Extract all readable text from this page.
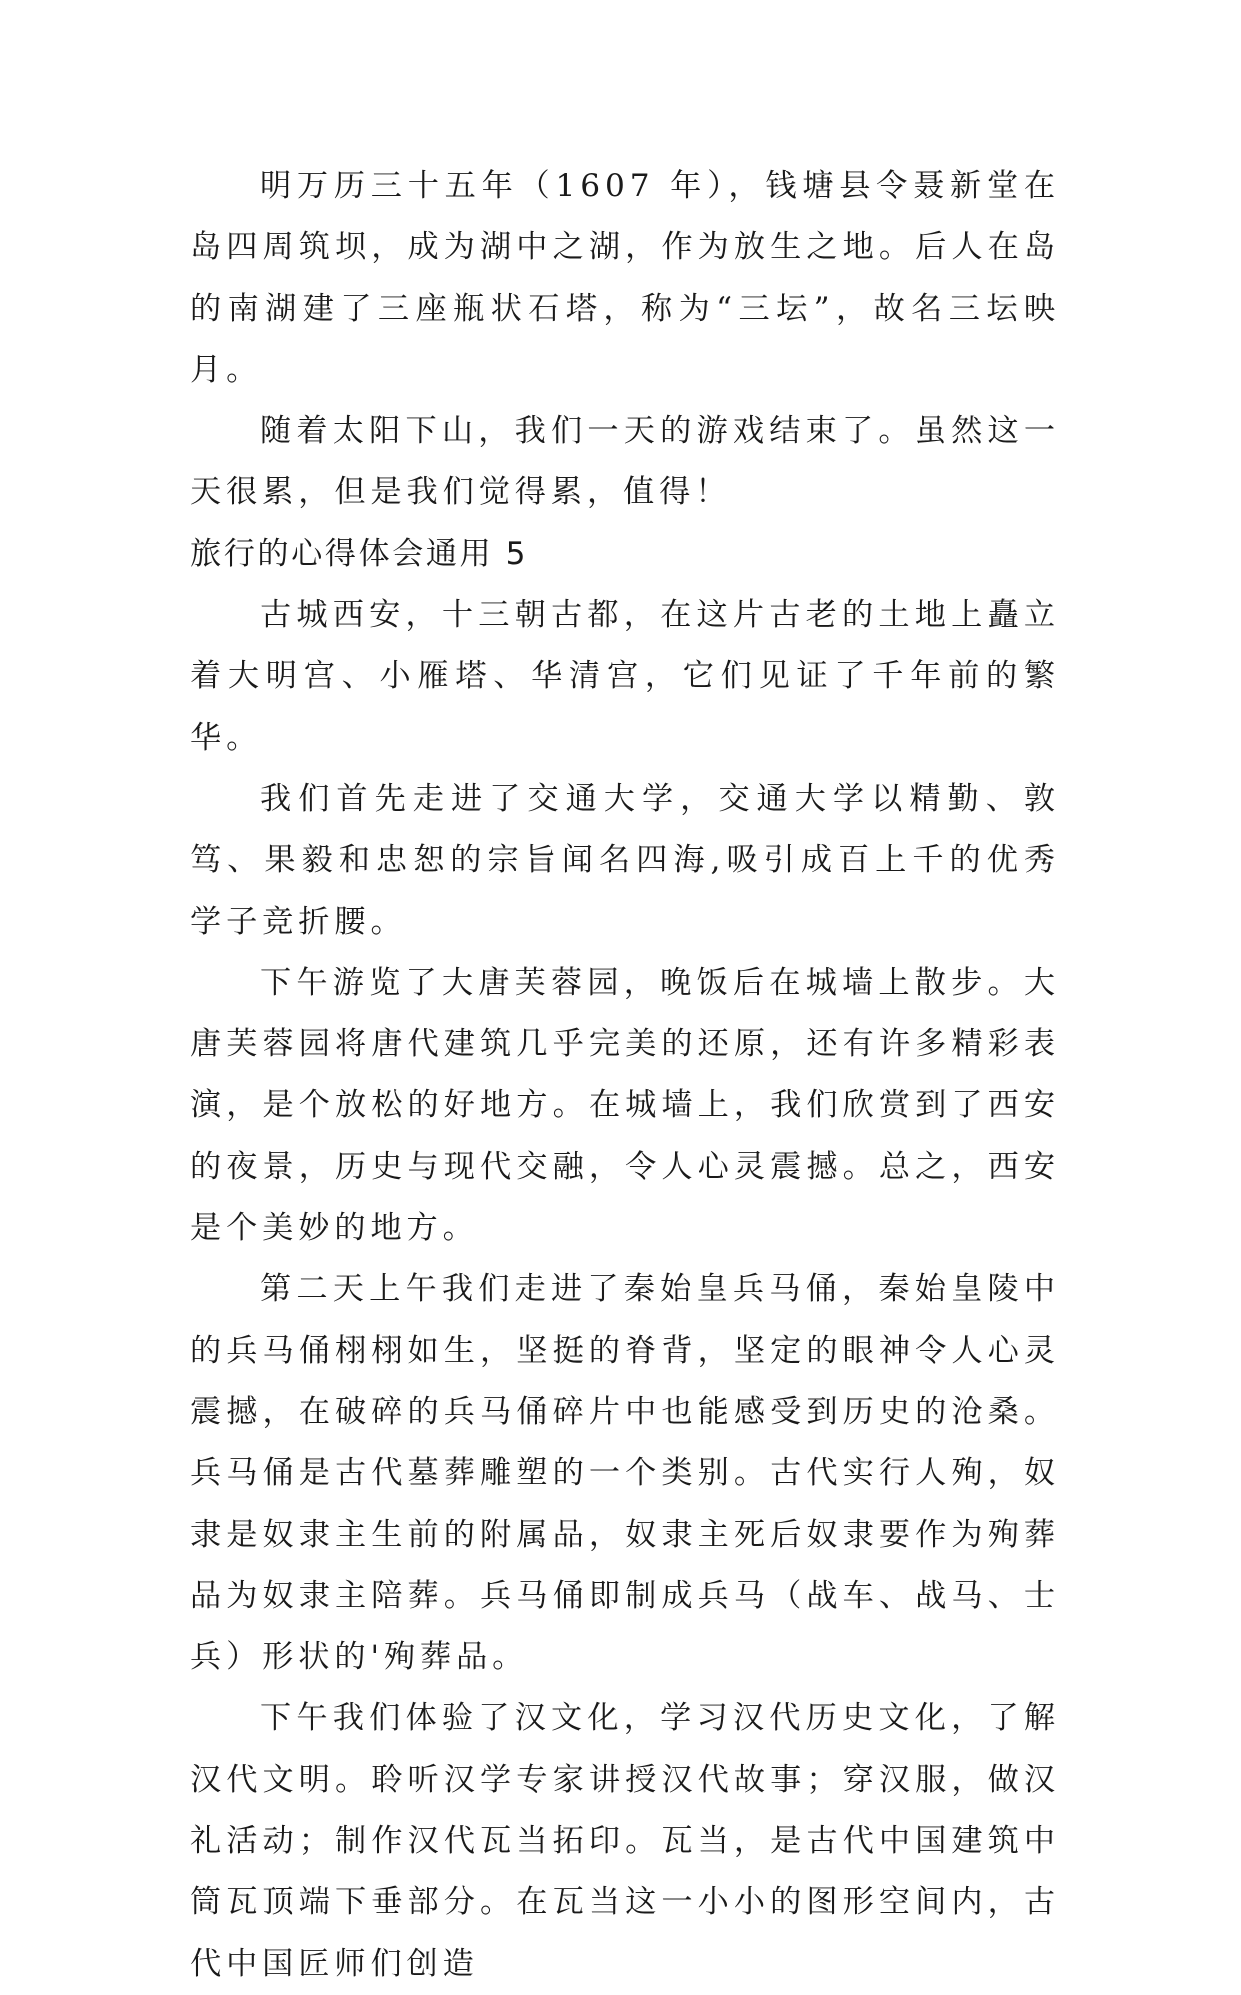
明万历三十五年（1607 年），钱塘县令聂新堂在岛四周筑坝，成为湖中之湖，作为放生之地。后人在岛的南湖建了三座瓶状石塔，称为“三坛”，故名三坛映月。

随着太阳下山，我们一天的游戏结束了。虽然这一天很累，但是我们觉得累，值得！

旅行的心得体会通用 5

古城西安，十三朝古都，在这片古老的土地上矗立着大明宫、小雁塔、华清宫，它们见证了千年前的繁华。

我们首先走进了交通大学，交通大学以精勤、敦笃、果毅和忠恕的宗旨闻名四海,吸引成百上千的优秀学子竞折腰。

下午游览了大唐芙蓉园，晚饭后在城墙上散步。大唐芙蓉园将唐代建筑几乎完美的还原，还有许多精彩表演，是个放松的好地方。在城墙上，我们欣赏到了西安的夜景，历史与现代交融，令人心灵震撼。总之，西安是个美妙的地方。

第二天上午我们走进了秦始皇兵马俑，秦始皇陵中的兵马俑栩栩如生，坚挺的脊背，坚定的眼神令人心灵震撼，在破碎的兵马俑碎片中也能感受到历史的沧桑。兵马俑是古代墓葬雕塑的一个类别。古代实行人殉，奴隶是奴隶主生前的附属品，奴隶主死后奴隶要作为殉葬品为奴隶主陪葬。兵马俑即制成兵马（战车、战马、士兵）形状的'殉葬品。

下午我们体验了汉文化，学习汉代历史文化，了解汉代文明。聆听汉学专家讲授汉代故事；穿汉服，做汉礼活动；制作汉代瓦当拓印。瓦当，是古代中国建筑中筒瓦顶端下垂部分。在瓦当这一小小的图形空间内，古代中国匠师们创造
